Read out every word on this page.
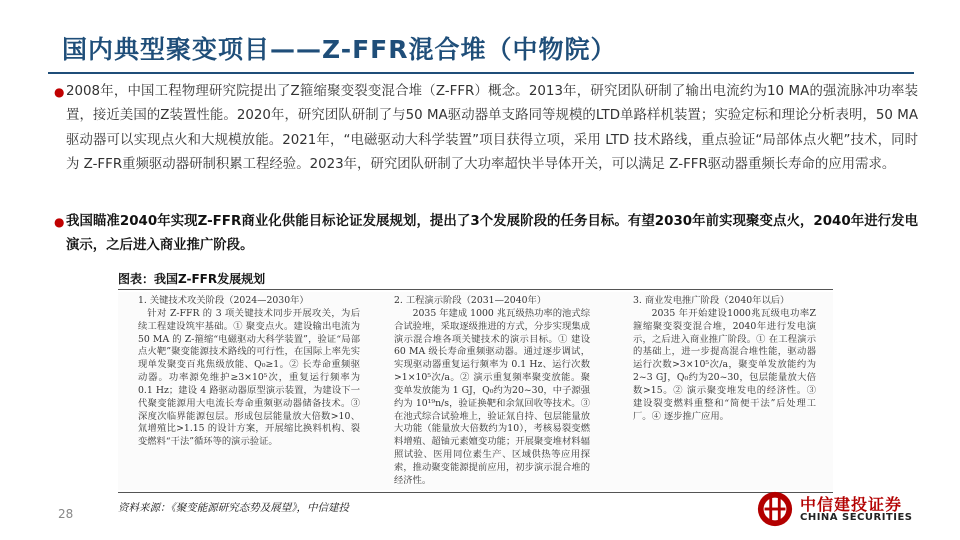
国内典型聚变项目——Z-FFR混合堆（中物院）
● 2008年，中国工程物理研究院提出了Z箍缩聚变裂变混合堆（Z-FFR）概念。2013年，研究团队研制了输出电流约为10 MA的强流脉冲功率装置，接近美国的Z装置性能。2020年，研究团队研制了与50 MA驱动器单支路同等规模的LTD单路样机装置；实验定标和理论分析表明，50 MA驱动器可以实现点火和大规模放能。2021年，“电磁驱动大科学装置”项目获得立项，采用 LTD 技术路线，重点验证“局部体点火靶”技术，同时为 Z-FFR重频驱动器研制积累工程经验。2023年，研究团队研制了大功率超快半导体开关，可以满足 Z-FFR驱动器重频长寿命的应用需求。
● 我国瞄准2040年实现Z-FFR商业化供能目标论证发展规划，提出了3个发展阶段的任务目标。有望2030年前实现聚变点火，2040年进行发电演示，之后进入商业推广阶段。
图表：我国Z-FFR发展规划
1. 关键技术攻关阶段（2024—2030年）
针对 Z-FFR 的 3 项关键技术同步开展攻关，为后续工程建设筑牢基础。① 聚变点火。建设输出电流为 50 MA 的 Z-箍缩“电磁驱动大科学装置”，验证“局部点火靶”聚变能源技术路线的可行性，在国际上率先实现单发聚变百兆焦级放能、Q₀≥1。② 长寿命重频驱动器。功率源免维护≥3×10⁵次，重复运行频率为 0.1 Hz；建设 4 路驱动器原型演示装置，为建设下一代聚变能源用大电流长寿命重频驱动器储备技术。③ 深度次临界能源包层。形成包层能量放大倍数>10、氚增殖比>1.15 的设计方案，开展缩比换料机构、裂变燃料“干法”循环等的演示验证。
2. 工程演示阶段（2031—2040年）
2035 年建成 1000 兆瓦级热功率的池式综合试验堆，采取逐级推进的方式，分步实现集成演示混合堆各项关键技术的演示目标。① 建设 60 MA 级长寿命重频驱动器。通过逐步调试，实现驱动器重复运行频率为 0.1 Hz、运行次数>1×10⁵次/a。② 演示重复频率聚变放能。聚变单发放能为 1 GJ，Q₀约为20~30，中子源强约为 10¹⁹n/s，验证换靶和余氚回收等技术。③ 在池式综合试验堆上，验证氚自持、包层能量放大功能（能量放大倍数约为10），考核易裂变燃料增殖、超铀元素嬗变功能；开展聚变堆材料辐照试验、医用同位素生产、区域供热等应用探索，推动聚变能源提前应用，初步演示混合堆的经济性。
3. 商业发电推广阶段（2040年以后）
2035 年开始建设1000兆瓦级电功率Z箍缩聚变裂变混合堆，2040年进行发电演示，之后进入商业推广阶段。① 在工程演示的基础上，进一步提高混合堆性能，驱动器运行次数>3×10⁵次/a，聚变单发放能约为2~3 GJ，Q₀约为20~30，包层能量放大倍数>15。② 演示聚变堆发电的经济性。③ 建设裂变燃料重整和“简便干法”后处理工厂。④ 逐步推广应用。
资料来源：《聚变能源研究态势及展望》，中信建投
28	中信建投证券
CHINA SECURITIES
